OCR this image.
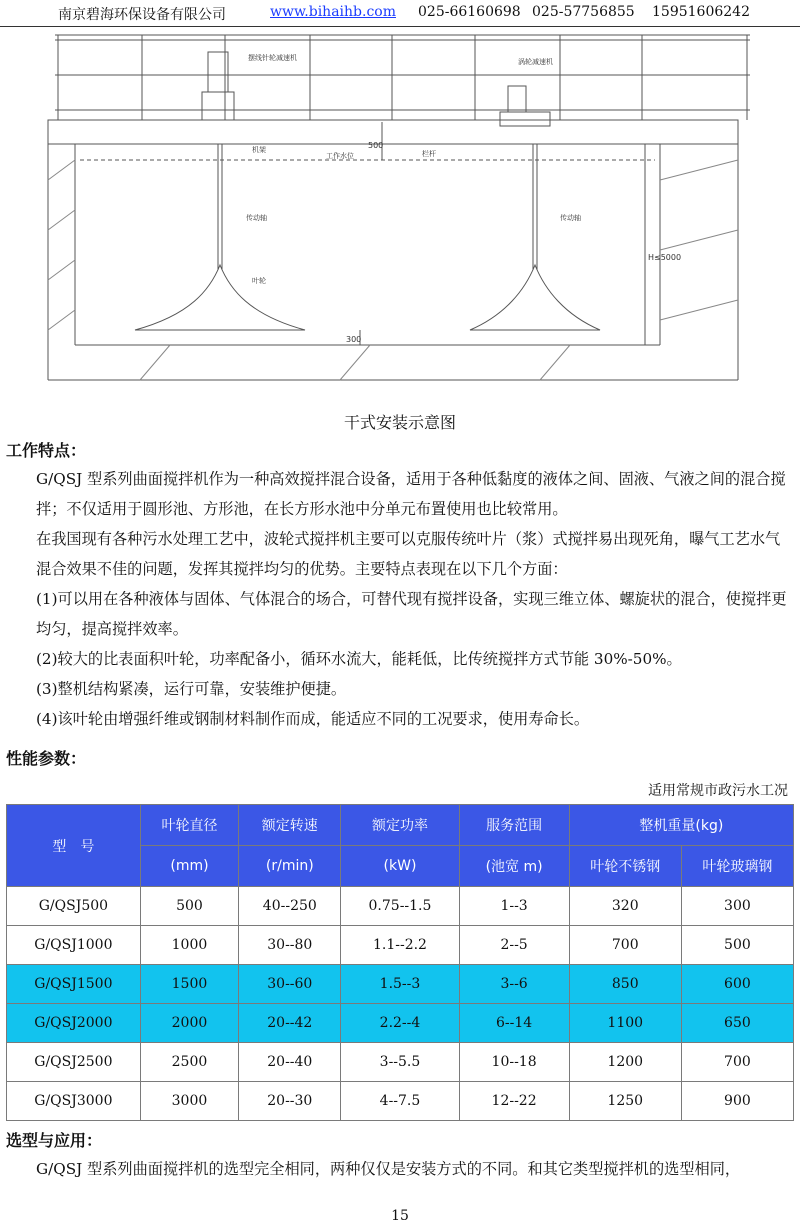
南京碧海环保设备有限公司	www.bihaihb.com 025-66160698 025-57756855 15951606242
摆线针轮减速机	涡轮减速机
机架
工作水位	栏杆
传动轴	传动轴
叶轮
500
H≤5000
300
干式安装示意图
工作特点：
G/QSJ 型系列曲面搅拌机作为一种高效搅拌混合设备，适用于各种低黏度的液体之间、固液、气液之间的混合搅拌；不仅适用于圆形池、方形池，在长方形水池中分单元布置使用也比较常用。
在我国现有各种污水处理工艺中，波轮式搅拌机主要可以克服传统叶片（浆）式搅拌易出现死角，曝气工艺水气混合效果不佳的问题，发挥其搅拌均匀的优势。主要特点表现在以下几个方面：
(1)可以用在各种液体与固体、气体混合的场合，可替代现有搅拌设备，实现三维立体、螺旋状的混合，使搅拌更均匀，提高搅拌效率。
(2)较大的比表面积叶轮，功率配备小，循环水流大，能耗低，比传统搅拌方式节能 30%-50%。
(3)整机结构紧凑，运行可靠，安装维护便捷。
(4)该叶轮由增强纤维或钢制材料制作而成，能适应不同的工况要求，使用寿命长。
性能参数：
适用常规市政污水工况
型　号	叶轮直径	额定转速	额定功率	服务范围	整机重量(kg)	
	(mm)	(r/min)	(kW)	(池宽 m)	叶轮不锈钢	叶轮玻璃钢
G/QSJ500	500	40--250	0.75--1.5	1--3	320	300
G/QSJ1000	1000	30--80	1.1--2.2	2--5	700	500
G/QSJ1500	1500	30--60	1.5--3	3--6	850	600
G/QSJ2000	2000	20--42	2.2--4	6--14	1100	650
G/QSJ2500	2500	20--40	3--5.5	10--18	1200	700
G/QSJ3000	3000	20--30	4--7.5	12--22	1250	900
选型与应用：
G/QSJ 型系列曲面搅拌机的选型完全相同，两种仅仅是安装方式的不同。和其它类型搅拌机的选型相同，
15
